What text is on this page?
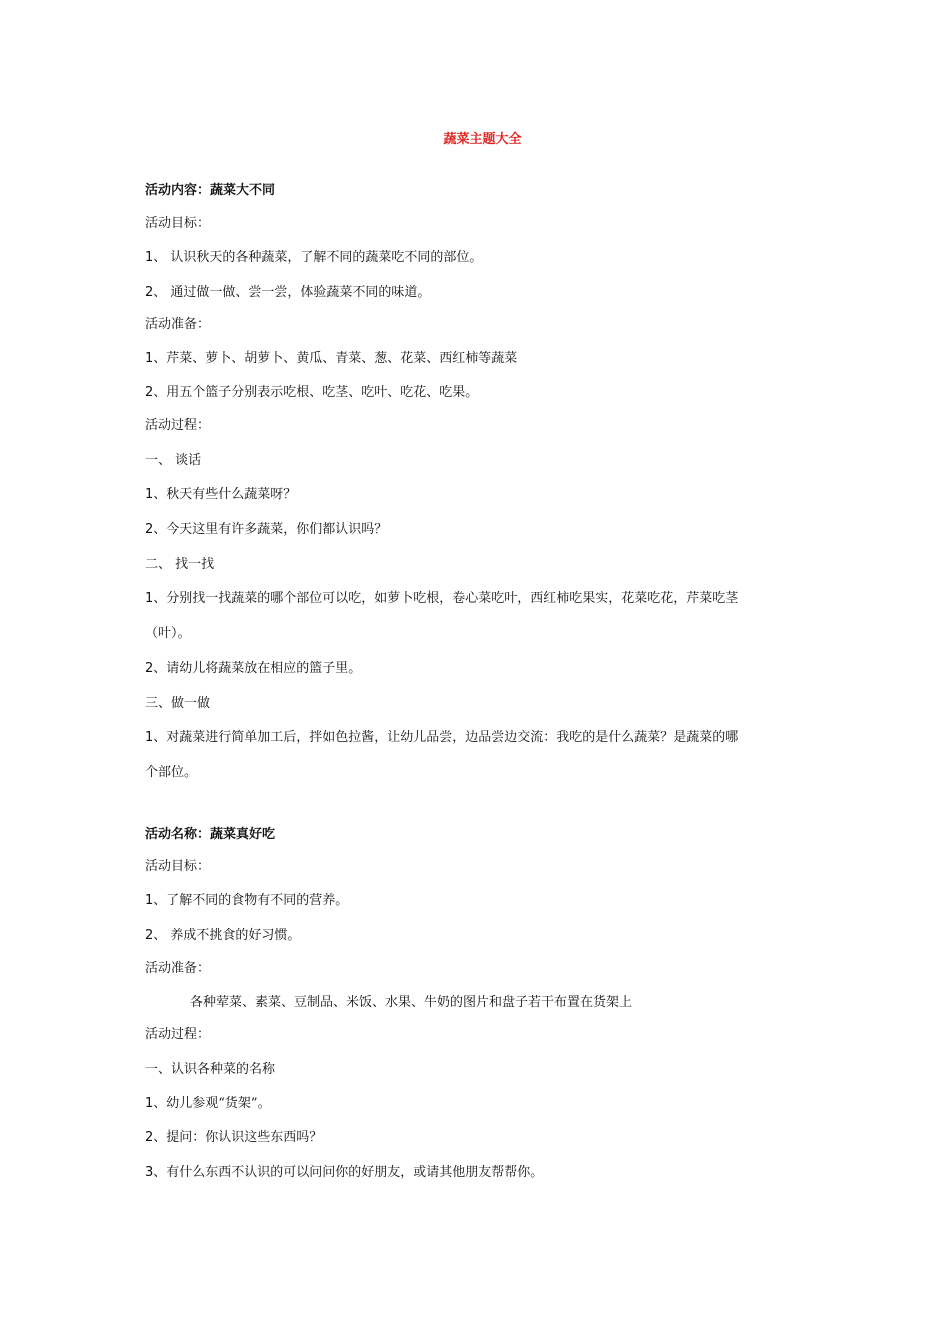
蔬菜主题大全
活动内容：蔬菜大不同
活动目标：
1、 认识秋天的各种蔬菜，了解不同的蔬菜吃不同的部位。
2、 通过做一做、尝一尝，体验蔬菜不同的味道。
活动准备：
1、芹菜、萝卜、胡萝卜、黄瓜、青菜、葱、花菜、西红柿等蔬菜
2、用五个篮子分别表示吃根、吃茎、吃叶、吃花、吃果。
活动过程：
一、 谈话
1、秋天有些什么蔬菜呀？
2、今天这里有许多蔬菜，你们都认识吗？
二、 找一找
1、分别找一找蔬菜的哪个部位可以吃，如萝卜吃根，卷心菜吃叶，西红柿吃果实，花菜吃花，芹菜吃茎
（叶）。
2、请幼儿将蔬菜放在相应的篮子里。
三、做一做
1、对蔬菜进行简单加工后，拌如色拉酱，让幼儿品尝，边品尝边交流：我吃的是什么蔬菜？是蔬菜的哪
个部位。
活动名称：蔬菜真好吃
活动目标：
1、了解不同的食物有不同的营养。
2、 养成不挑食的好习惯。
活动准备：
各种荤菜、素菜、豆制品、米饭、水果、牛奶的图片和盘子若干布置在货架上
活动过程：
一、认识各种菜的名称
1、幼儿参观“货架”。
2、提问：你认识这些东西吗？
3、有什么东西不认识的可以问问你的好朋友，或请其他朋友帮帮你。
